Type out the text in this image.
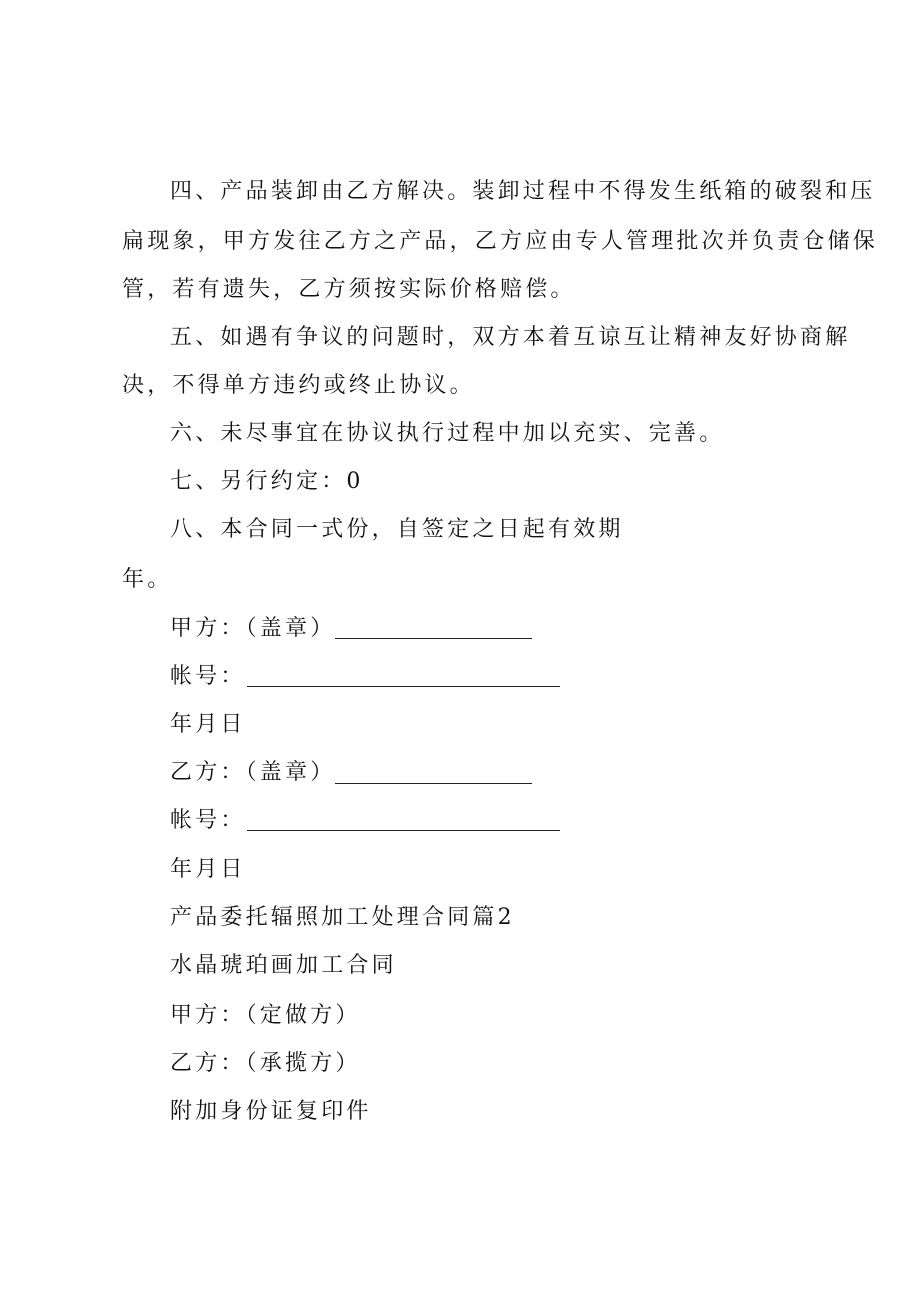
四、产品装卸由乙方解决。装卸过程中不得发生纸箱的破裂和压
扁现象，甲方发往乙方之产品，乙方应由专人管理批次并负责仓储保
管，若有遗失，乙方须按实际价格赔偿。
五、如遇有争议的问题时，双方本着互谅互让精神友好协商解
决，不得单方违约或终止协议。
六、未尽事宜在协议执行过程中加以充实、完善。
七、另行约定：0
八、本合同一式份，自签定之日起有效期
年。
甲方：（盖章）
帐号：
年月日
乙方：（盖章）
帐号：
年月日
产品委托辐照加工处理合同篇2
水晶琥珀画加工合同
甲方：（定做方）
乙方：（承揽方）
附加身份证复印件
